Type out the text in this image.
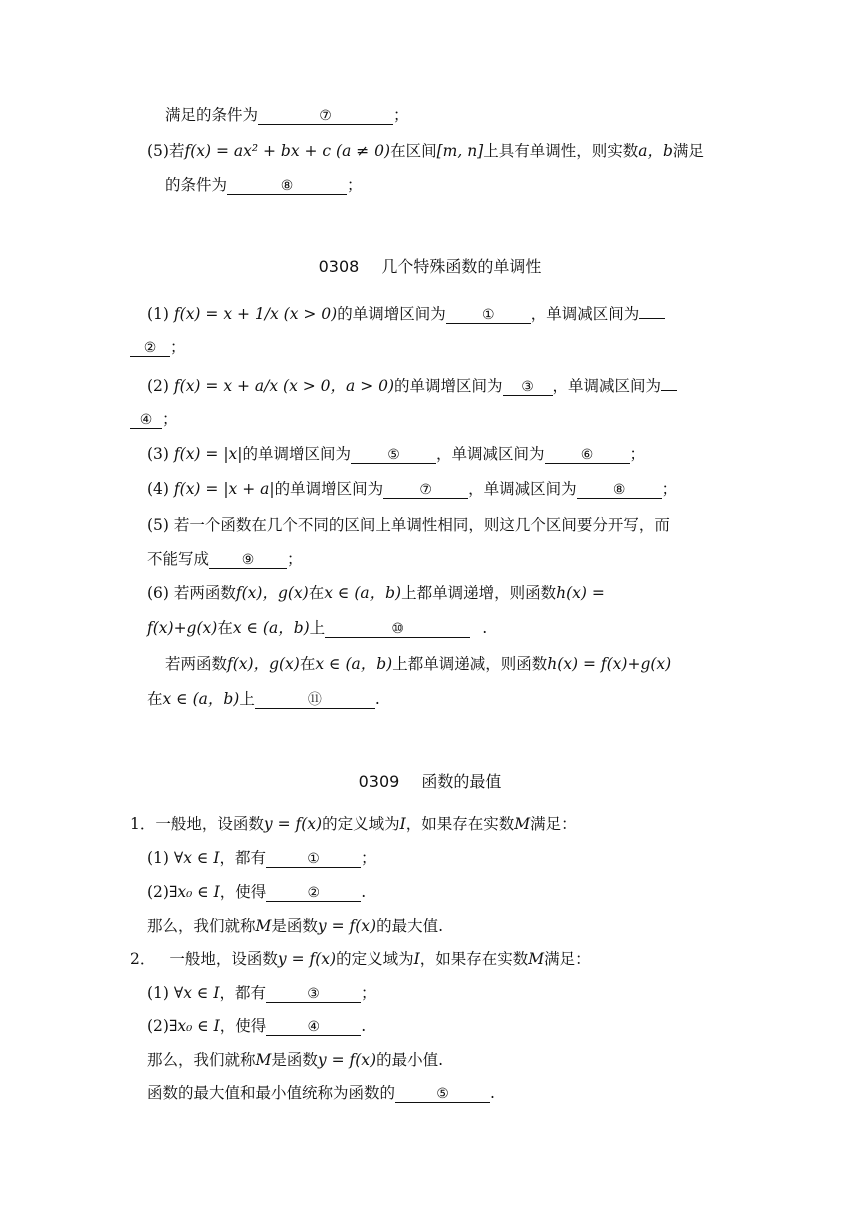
满足的条件为	⑦	；
(5)若f(x) = ax² + bx + c (a ≠ 0)在区间[m, n]上具有单调性，则实数a，b满足
的条件为	⑧	；
0308 几个特殊函数的单调性
(1) f(x) = x + 1/x (x > 0)的单调增区间为	① ，单调减区间为
② ；
(2) f(x) = x + a/x (x > 0，a > 0)的单调增区间为 ③ ，单调减区间为
④ ；
(3) f(x) = |x|的单调增区间为	⑤ ，单调减区间为	⑥ ；
(4) f(x) = |x + a|的单调增区间为	⑦ ，单调减区间为	⑧ ；
(5) 若一个函数在几个不同的区间上单调性相同，则这几个区间要分开写，而
不能写成 ⑨ ；
(6) 若两函数f(x)，g(x)在x ∈ (a，b)上都单调递增，则函数h(x) =
f(x)+g(x)在x ∈ (a，b)上	⑩	.
若两函数f(x)，g(x)在x ∈ (a，b)上都单调递减，则函数h(x) = f(x)+g(x)
在x ∈ (a，b)上	⑪	.
0309 函数的最值
1．一般地，设函数y = f(x)的定义域为I，如果存在实数M满足：
(1) ∀x ∈ I，都有	①	；
(2)∃x₀ ∈ I，使得	②	.
那么，我们就称M是函数y = f(x)的最大值.
2． 一般地，设函数y = f(x)的定义域为I，如果存在实数M满足：
(1) ∀x ∈ I，都有	③	；
(2)∃x₀ ∈ I，使得	④	.
那么，我们就称M是函数y = f(x)的最小值.
函数的最大值和最小值统称为函数的	⑤	.
